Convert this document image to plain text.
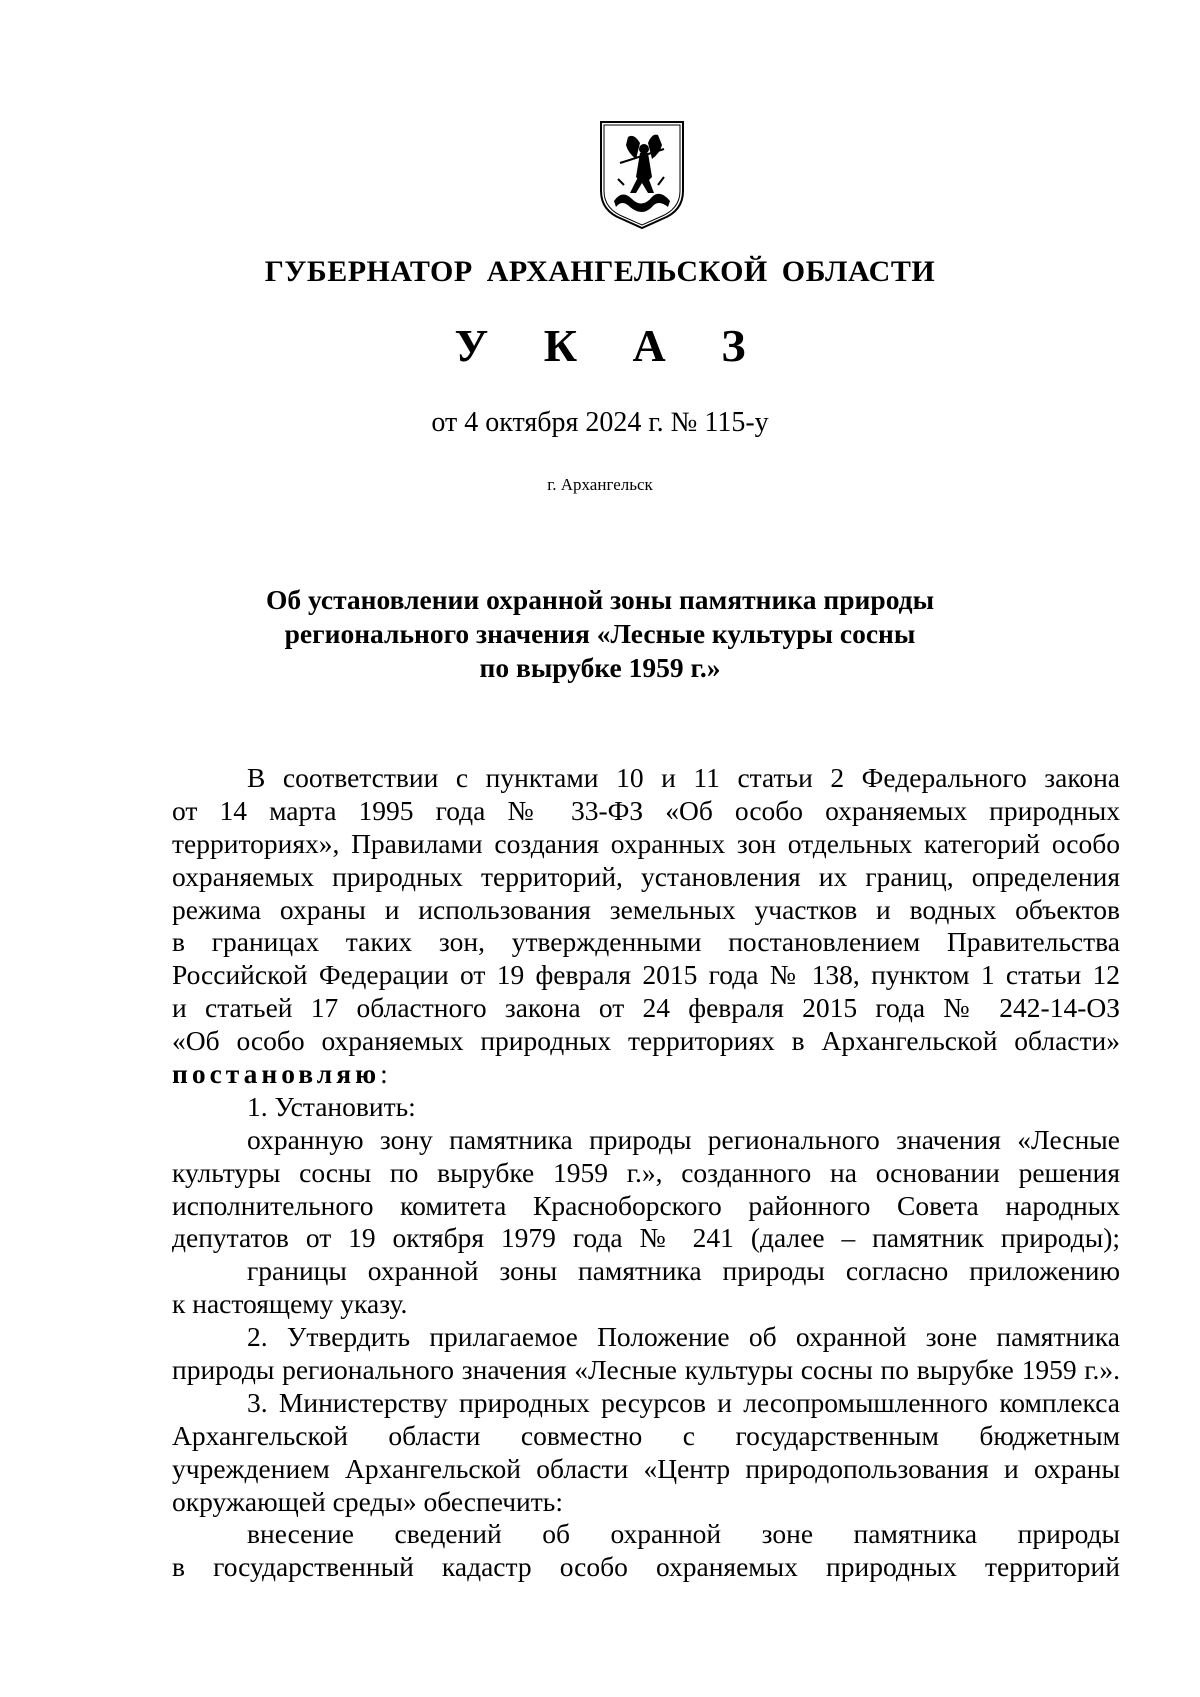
ГУБЕРНАТОР АРХАНГЕЛЬСКОЙ ОБЛАСТИ
У К А З
от 4 октября 2024 г. № 115-у
г. Архангельск
Об установлении охранной зоны памятника природы
регионального значения «Лесные культуры сосны
по вырубке 1959 г.»
В соответствии с пунктами 10 и 11 статьи 2 Федерального закона
от 14 марта 1995 года № 33-ФЗ «Об особо охраняемых природных
территориях», Правилами создания охранных зон отдельных категорий особо
охраняемых природных территорий, установления их границ, определения
режима охраны и использования земельных участков и водных объектов
в границах таких зон, утвержденными постановлением Правительства
Российской Федерации от 19 февраля 2015 года № 138, пунктом 1 статьи 12
и статьей 17 областного закона от 24 февраля 2015 года № 242-14-ОЗ
«Об особо охраняемых природных территориях в Архангельской области»
постановляю:
1. Установить:
охранную зону памятника природы регионального значения «Лесные
культуры сосны по вырубке 1959 г.», созданного на основании решения
исполнительного комитета Красноборского районного Совета народных
депутатов от 19 октября 1979 года № 241 (далее – памятник природы);
границы охранной зоны памятника природы согласно приложению
к настоящему указу.
2. Утвердить прилагаемое Положение об охранной зоне памятника
природы регионального значения «Лесные культуры сосны по вырубке 1959 г.».
3. Министерству природных ресурсов и лесопромышленного комплекса
Архангельской области совместно с государственным бюджетным
учреждением Архангельской области «Центр природопользования и охраны
окружающей среды» обеспечить:
внесение сведений об охранной зоне памятника природы
в государственный кадастр особо охраняемых природных территорий
